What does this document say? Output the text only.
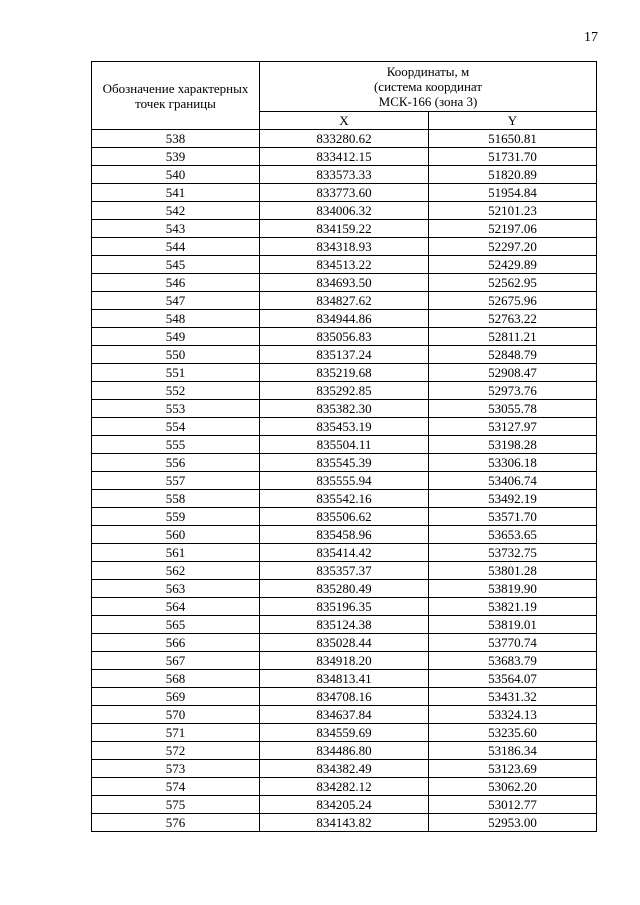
17
Обозначение характерных точек границы	Координаты, м
(система координат
МСК-166 (зона 3)	

	X	Y
538	833280.62	51650.81
539	833412.15	51731.70
540	833573.33	51820.89
541	833773.60	51954.84
542	834006.32	52101.23
543	834159.22	52197.06
544	834318.93	52297.20
545	834513.22	52429.89
546	834693.50	52562.95
547	834827.62	52675.96
548	834944.86	52763.22
549	835056.83	52811.21
550	835137.24	52848.79
551	835219.68	52908.47
552	835292.85	52973.76
553	835382.30	53055.78
554	835453.19	53127.97
555	835504.11	53198.28
556	835545.39	53306.18
557	835555.94	53406.74
558	835542.16	53492.19
559	835506.62	53571.70
560	835458.96	53653.65
561	835414.42	53732.75
562	835357.37	53801.28
563	835280.49	53819.90
564	835196.35	53821.19
565	835124.38	53819.01
566	835028.44	53770.74
567	834918.20	53683.79
568	834813.41	53564.07
569	834708.16	53431.32
570	834637.84	53324.13
571	834559.69	53235.60
572	834486.80	53186.34
573	834382.49	53123.69
574	834282.12	53062.20
575	834205.24	53012.77
576	834143.82	52953.00
